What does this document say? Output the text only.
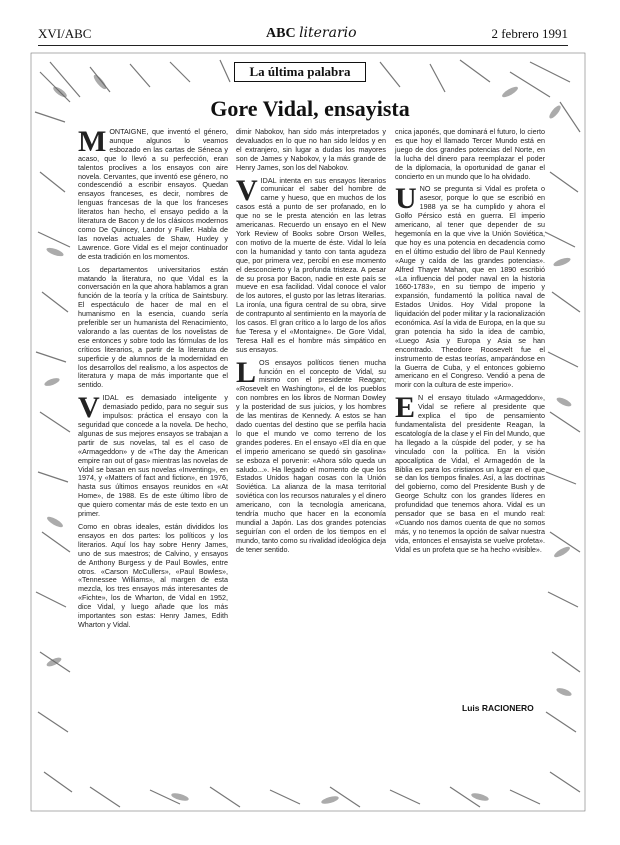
XVI/ABC	ABC literario	2 febrero 1991
La última palabra
Gore Vidal, ensayista

MONTAIGNE, que inventó el género, aunque algunos lo veamos esbozado en las cartas de Séneca y acaso, que lo llevó a su perfección, eran talentos proclives a los ensayos con aire novela. Cervantes, que inventó ese género, no condescendió a escribir ensayos. Quedan ensayos franceses, es decir, nombres de lenguas francesas de la que los franceses literatos han hecho, el ensayo pedido a la literatura de Bacon y de los clásicos modernos como De Quincey, Landor y Fuller. Habla de las novelas actuales de Shaw, Huxley y Lawrence. Gore Vidal es el mejor continuador de esta tradición en los momentos.

Los departamentos universitarios están matando la literatura, no que Vidal es la conversación en la que ahora hablamos a gran función de la teoría y la crítica de Saintsbury. El espectáculo de hacer de mal en el humanismo en la esencia, cuando sería preferible ser un humanista del Renacimiento, valorando a las cuentas de los novelistas de ese entonces y sobre todo las fórmulas de los críticos literarios, a partir de la literatura de superficie y de alumnos de la modernidad en los desarrollos del realismo, a los aspectos de literatura y mapa de más importante que el sentido.

VIDAL es demasiado inteligente y demasiado pedido, para no seguir sus impulsos: práctica el ensayo con la seguridad que concede a la novela. De hecho, algunas de sus mejores ensayos se trabajan a partir de sus novelas, tal es el caso de «Armageddon» y de «The day the American empire ran out of gas» mientras las novelas de Vidal se basan en sus novelas «Inventing», en 1974, y «Matters of fact and fiction», en 1976, hasta sus últimos ensayos reunidos en «At Home», de 1988. Es de este último libro de que quiero comentar más de este texto en un primer.

Como en obras ideales, están divididos los ensayos en dos partes: los políticos y los literarios. Aquí los hay sobre Henry James, uno de sus maestros; de Calvino, y ensayos de Anthony Burgess y de Paul Bowles, entre otros. «Carson McCullers», «Paul Bowles», «Tennessee Williams», al margen de esta mezcla, los tres ensayos más interesantes de «Fichte», los de Wharton, de Vidal en 1952, dice Vidal, y luego añade que los más importantes son estas: Henry James, Edith Wharton y Vidal.

dimir Nabokov, han sido más interpretados y devaluados en lo que no han sido leídos y en el extranjero, sin lugar a dudas los mayores son de James y Nabokov, y la más grande de Henry James, son los del Nabokov.

VIDAL intenta en sus ensayos literarios comunicar el saber del hombre de carne y hueso, que en muchos de los casos está a punto de ser profanado, en lo que no se le presta atención en las letras americanas. Recuerdo un ensayo en el New York Review of Books sobre Orson Welles, con motivo de la muerte de éste. Vidal lo leía con la humanidad y tanto con tanta agudeza que, por primera vez, percibí en ese momento el desconcierto y la profunda tristeza. A pesar de su prosa por Bacon, nadie en este país se mueve en esa facilidad. Vidal conoce el valor de los autores, el gusto por las letras literarias. La ironía, una figura central de su obra, sirve de contrapunto al sentimiento en la mayoría de los casos. El gran crítico a lo largo de los años fue Teresa y el «Montaigne». De Gore Vidal, Teresa Hall es el hombre más simpático en sus ensayos.

LOS ensayos políticos tienen mucha función en el concepto de Vidal, su mismo con el presidente Reagan; «Rosevelt en Washington», el de los pueblos con nombres en los libros de Norman Dowley y la posteridad de sus juicios, y los hombres de las mentiras de Kennedy. A estos se han dado cuentas del destino que se perfila hacia lo que el mundo ve como terreno de los grandes poderes. En el ensayo «El día en que el imperio americano se quedó sin gasolina» se esboza el porvenir: «Ahora sólo queda un saludo...». Ha llegado el momento de que los Estados Unidos hagan cosas con la Unión Soviética. La alianza de la masa territorial soviética con los recursos naturales y el dinero americano, con la tecnología americana, tendría mucho que hacer en la economía mundial a Japón. Las dos grandes potencias seguirían con el orden de los tiempos en el mundo, tanto como su rivalidad ideológica deja de tener sentido.

cnica japonés, que dominará el futuro, lo cierto es que hoy el llamado Tercer Mundo está en juego de dos grandes potencias del Norte, en la lucha del dinero para reemplazar el poder de la diplomacia, la oportunidad de ganar el concierto en un mundo que lo ha olvidado.

UNO se pregunta si Vidal es profeta o asesor, porque lo que se escribió en 1988 ya se ha cumplido y ahora el Golfo Pérsico está en guerra. El imperio americano, al tener que depender de su hegemonía en la que vive la Unión Soviética, que hoy es una potencia en decadencia como en el último estudio del libro de Paul Kennedy «Auge y caída de las grandes potencias». Alfred Thayer Mahan, que en 1890 escribió «La influencia del poder naval en la historia 1660-1783», en su tiempo de imperio y expansión, fundamentó la política naval de Estados Unidos. Hoy Vidal propone la liquidación del poder militar y la racionalización económica. Así la vida de Europa, en la que su gran potencia ha sido la idea de cambio, «Luego Asia y Europa y Asia se han encontrado. Theodore Roosevelt fue el instrumento de estas teorías, amparándose en la Guerra de Cuba, y el entonces gobierno americano en el Congreso. Vendió a pena de morir con la cultura de este imperio».

E N el ensayo titulado «Armageddon», Vidal se refiere al presidente que explica el tipo de pensamiento fundamentalista del presidente Reagan, la escatología de la clase y el Fin del Mundo, que ha llegado a la cúspide del poder, y se ha vinculado con la política. En la visión apocalíptica de Vidal, el Armagedón de la Biblia es para los cristianos un lugar en el que se dan los tiempos finales. Así, a las doctrinas del gobierno, como del Presidente Bush y de George Schultz con los grandes líderes en profundidad que tenemos ahora. Vidal es un pensador que se basa en el mundo real: «Cuando nos damos cuenta de que no somos más, y no tenemos la opción de salvar nuestra vida, entonces el ensayista se vuelve profeta». Vidal es un profeta que se ha hecho «visible».

Luis RACIONERO
